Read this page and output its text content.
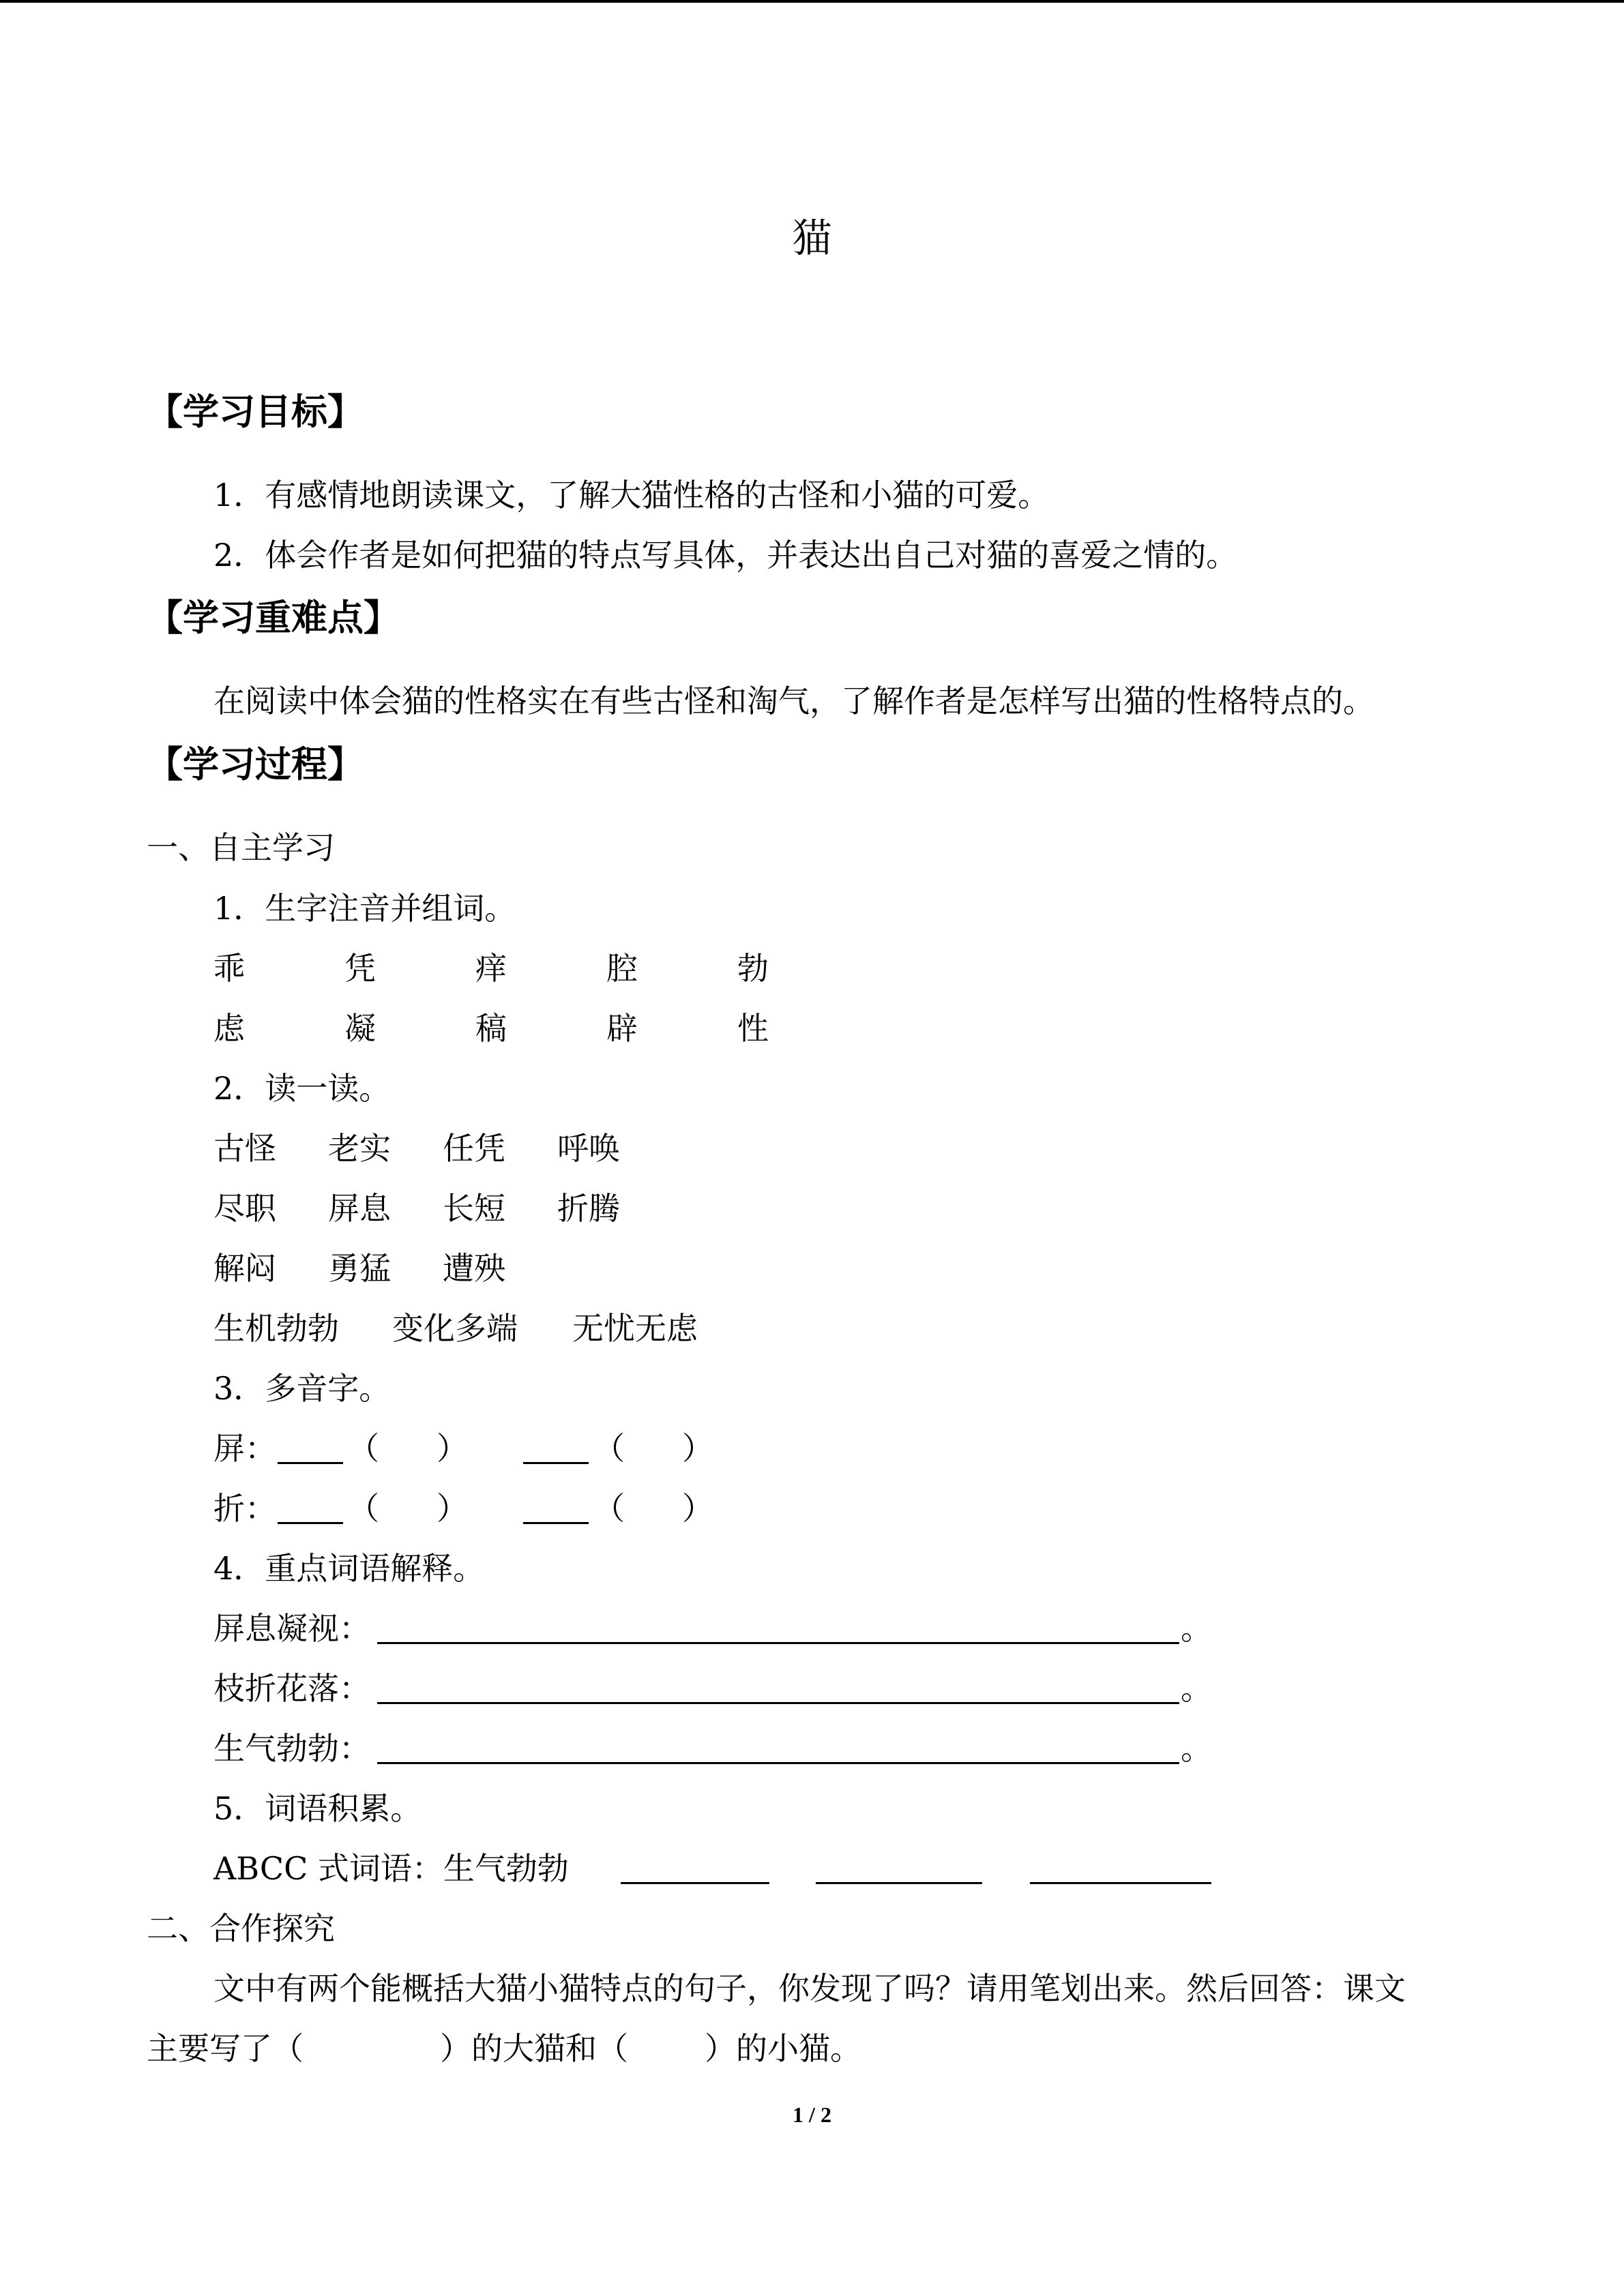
猫
【学习目标】
1．有感情地朗读课文，了解大猫性格的古怪和小猫的可爱。
2．体会作者是如何把猫的特点写具体，并表达出自己对猫的喜爱之情的。
【学习重难点】
在阅读中体会猫的性格实在有些古怪和淘气，了解作者是怎样写出猫的性格特点的。
【学习过程】
一、自主学习
1．生字注音并组词。
乖	凭	痒	腔	勃
虑	凝	稿	辟	性
2．读一读。
古怪 老实 任凭 呼唤
尽职 屏息 长短 折腾
解闷 勇猛 遭殃
生机勃勃 变化多端 无忧无虑
3．多音字。
屏： （ ）	（ ）
折： （ ）	（ ）
4．重点词语解释。
屏息凝视：	。
枝折花落：	。
生气勃勃：	。
5．词语积累。
ABCC 式词语：生气勃勃
二、合作探究
文中有两个能概括大猫小猫特点的句子，你发现了吗？请用笔划出来。然后回答：课文
主要写了（	）的大猫和（ ）的小猫。
1 / 2
